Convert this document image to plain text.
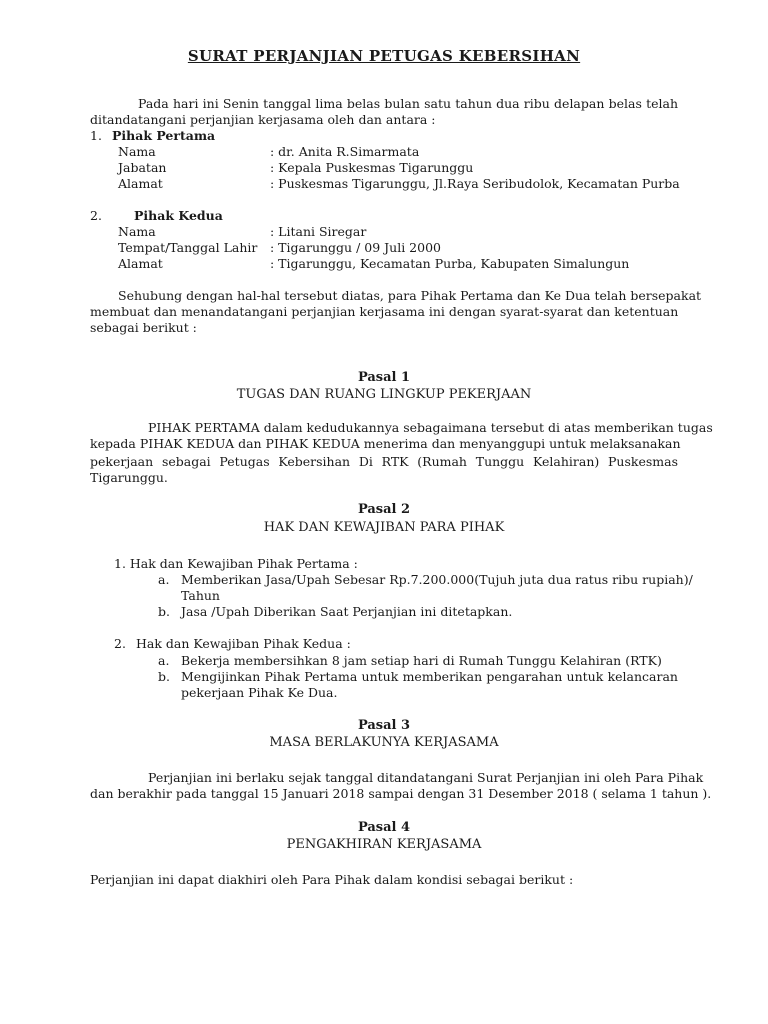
SURAT PERJANJIAN PETUGAS KEBERSIHAN
Pada hari ini Senin tanggal lima belas bulan satu tahun dua ribu delapan belas telah
ditandatangani perjanjian kerjasama oleh dan antara :
1. Pihak Pertama
Nama	: dr. Anita R.Simarmata
Jabatan	: Kepala Puskesmas Tigarunggu
Alamat	: Puskesmas Tigarunggu, Jl.Raya Seribudolok, Kecamatan Purba
2.	Pihak Kedua
Nama	: Litani Siregar
Tempat/Tanggal Lahir : Tigarunggu / 09 Juli 2000
Alamat	: Tigarunggu, Kecamatan Purba, Kabupaten Simalungun
Sehubung dengan hal-hal tersebut diatas, para Pihak Pertama dan Ke Dua telah bersepakat
membuat dan menandatangani perjanjian kerjasama ini dengan syarat-syarat dan ketentuan
sebagai berikut :
Pasal 1
TUGAS DAN RUANG LINGKUP PEKERJAAN
PIHAK PERTAMA dalam kedudukannya sebagaimana tersebut di atas memberikan tugas
kepada PIHAK KEDUA dan PIHAK KEDUA menerima dan menyanggupi untuk melaksanakan
pekerjaan sebagai Petugas Kebersihan Di RTK (Rumah Tunggu Kelahiran) Puskesmas
Tigarunggu.
Pasal 2
HAK DAN KEWAJIBAN PARA PIHAK
1. Hak dan Kewajiban Pihak Pertama :
a. Memberikan Jasa/Upah Sebesar Rp.7.200.000(Tujuh juta dua ratus ribu rupiah)/
Tahun
b. Jasa /Upah Diberikan Saat Perjanjian ini ditetapkan.
2. Hak dan Kewajiban Pihak Kedua :
a. Bekerja membersihkan 8 jam setiap hari di Rumah Tunggu Kelahiran (RTK)
b. Mengijinkan Pihak Pertama untuk memberikan pengarahan untuk kelancaran
pekerjaan Pihak Ke Dua.
Pasal 3
MASA BERLAKUNYA KERJASAMA
Perjanjian ini berlaku sejak tanggal ditandatangani Surat Perjanjian ini oleh Para Pihak
dan berakhir pada tanggal 15 Januari 2018 sampai dengan 31 Desember 2018 ( selama 1 tahun ).
Pasal 4
PENGAKHIRAN KERJASAMA
Perjanjian ini dapat diakhiri oleh Para Pihak dalam kondisi sebagai berikut :
